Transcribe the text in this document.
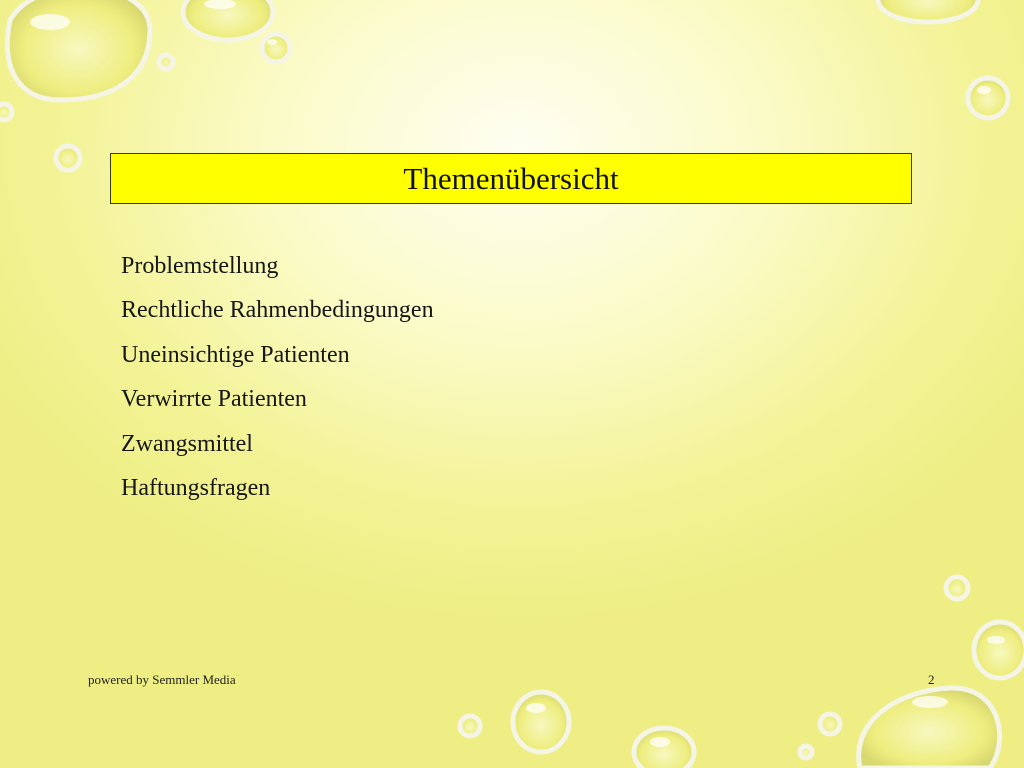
Themenübersicht
Problemstellung
Rechtliche Rahmenbedingungen
Uneinsichtige Patienten
Verwirrte Patienten
Zwangsmittel
Haftungsfragen
powered by Semmler Media	2
